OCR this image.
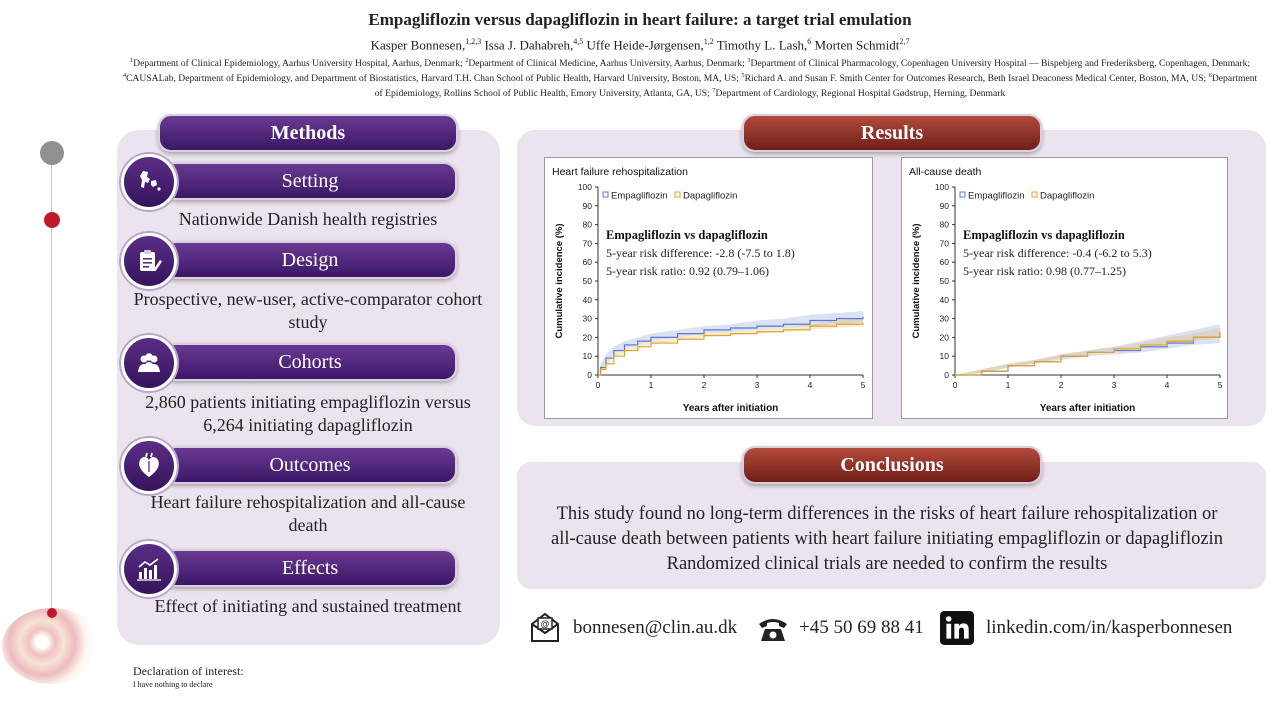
Empagliflozin versus dapagliflozin in heart failure: a target trial emulation
Kasper Bonnesen,$^{1,2,3}$ Issa J. Dahabreh,$^{4,5}$ Uffe Heide-Jørgensen,$^{1,2}$ Timothy L. Lash,$^6$ Morten Schmidt$^{2,7}$
$^1$Department of Clinical Epidemiology, Aarhus University Hospital, Aarhus, Denmark; $^2$Department of Clinical Medicine, Aarhus University, Aarhus, Denmark; $^3$Department of Clinical Pharmacology, Copenhagen University Hospital — Bispebjerg and Frederiksberg, Copenhagen, Denmark; $^4$CAUSALab, Department of Epidemiology, and Department of Biostatistics, Harvard T.H. Chan School of Public Health, Harvard University, Boston, MA, US; $^5$Richard A. and Susan F. Smith Center for Outcomes Research, Beth Israel Deaconess Medical Center, Boston, MA, US; $^6$Department of Epidemiology, Rollins School of Public Health, Emory University, Atlanta, GA, US; $^7$Department of Cardiology, Regional Hospital Gødstrup, Herning, Denmark
Methods
Setting
Nationwide Danish health registries
Design
Prospective, new-user, active-comparator cohort study
Cohorts
2,860 patients initiating empagliflozin versus 6,264 initiating dapagliflozin
Outcomes
Heart failure rehospitalization and all-cause death
Effects
Effect of initiating and sustained treatment
Results
Heart failure rehospitalization
0
10
20
30
40
50
60
70
80
90
100
0	1	2	3	4	5
Years after initiation
Cumulative incidence (%)
Empagliflozin Dapagliflozin
Empagliflozin vs dapagliflozin
5-year risk difference: -2.8 (-7.5 to 1.8)
5-year risk ratio: 0.92 (0.79–1.06)
All-cause death
0
10
20
30
40
50
60
70
80
90
100
0	1	2	3	4	5
Years after initiation
Cumulative incidence (%)
Empagliflozin Dapagliflozin
Empagliflozin vs dapagliflozin
5-year risk difference: -0.4 (-6.2 to 5.3)
5-year risk ratio: 0.98 (0.77–1.25)
Conclusions
This study found no long-term differences in the risks of heart failure rehospitalization or
all-cause death between patients with heart failure initiating empagliflozin or dapagliflozin
Randomized clinical trials are needed to confirm the results
@ bonnesen@clin.au.dk	+45 50 69 88 41	linkedin.com/in/kasperbonnesen
Declaration of interest:
I have nothing to declare
